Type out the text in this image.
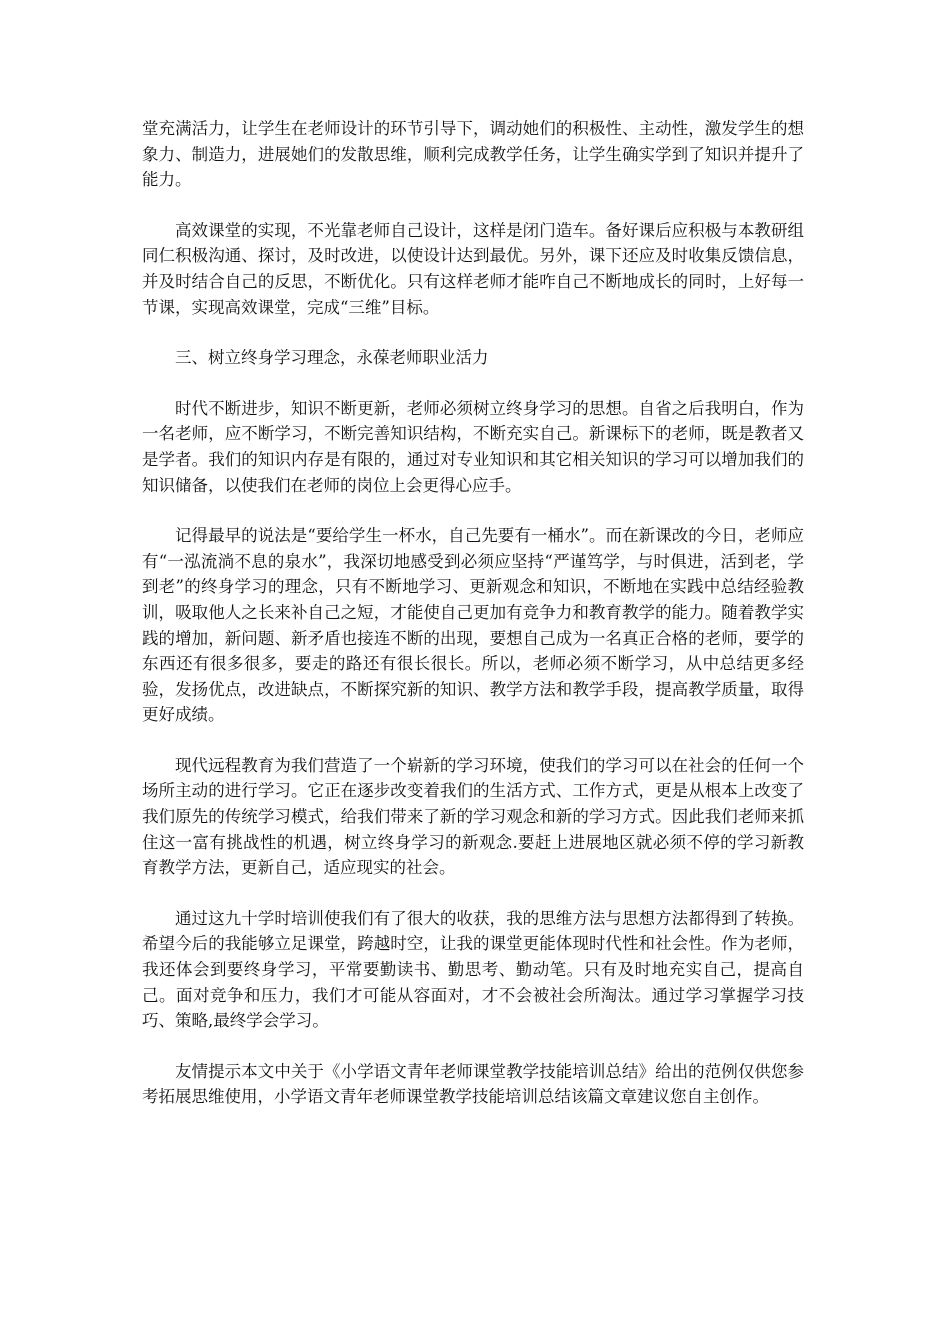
堂充满活力，让学生在老师设计的环节引导下，调动她们的积极性、主动性，激发学生的想象力、制造力，进展她们的发散思维，顺利完成教学任务，让学生确实学到了知识并提升了能力。

高效课堂的实现，不光靠老师自己设计，这样是闭门造车。备好课后应积极与本教研组同仁积极沟通、探讨，及时改进，以使设计达到最优。另外，课下还应及时收集反馈信息，并及时结合自己的反思，不断优化。只有这样老师才能咋自己不断地成长的同时，上好每一节课，实现高效课堂，完成“三维”目标。

三、树立终身学习理念，永葆老师职业活力

时代不断进步，知识不断更新，老师必须树立终身学习的思想。自省之后我明白，作为一名老师，应不断学习，不断完善知识结构，不断充实自己。新课标下的老师，既是教者又是学者。我们的知识内存是有限的，通过对专业知识和其它相关知识的学习可以增加我们的知识储备，以使我们在老师的岗位上会更得心应手。

记得最早的说法是“要给学生一杯水，自己先要有一桶水”。而在新课改的今日，老师应有“一泓流淌不息的泉水”，我深切地感受到必须应坚持“严谨笃学，与时俱进，活到老，学到老”的终身学习的理念，只有不断地学习、更新观念和知识，不断地在实践中总结经验教训，吸取他人之长来补自己之短，才能使自己更加有竞争力和教育教学的能力。随着教学实践的增加，新问题、新矛盾也接连不断的出现，要想自己成为一名真正合格的老师，要学的东西还有很多很多，要走的路还有很长很长。所以，老师必须不断学习，从中总结更多经验，发扬优点，改进缺点，不断探究新的知识、教学方法和教学手段，提高教学质量，取得更好成绩。

现代远程教育为我们营造了一个崭新的学习环境，使我们的学习可以在社会的任何一个场所主动的进行学习。它正在逐步改变着我们的生活方式、工作方式，更是从根本上改变了我们原先的传统学习模式，给我们带来了新的学习观念和新的学习方式。因此我们老师来抓住这一富有挑战性的机遇，树立终身学习的新观念.要赶上进展地区就必须不停的学习新教育教学方法，更新自己，适应现实的社会。

通过这九十学时培训使我们有了很大的收获，我的思维方法与思想方法都得到了转换。希望今后的我能够立足课堂，跨越时空，让我的课堂更能体现时代性和社会性。作为老师，我还体会到要终身学习，平常要勤读书、勤思考、勤动笔。只有及时地充实自己，提高自己。面对竞争和压力，我们才可能从容面对，才不会被社会所淘汰。通过学习掌握学习技巧、策略,最终学会学习。

友情提示本文中关于《小学语文青年老师课堂教学技能培训总结》给出的范例仅供您参考拓展思维使用，小学语文青年老师课堂教学技能培训总结该篇文章建议您自主创作。
